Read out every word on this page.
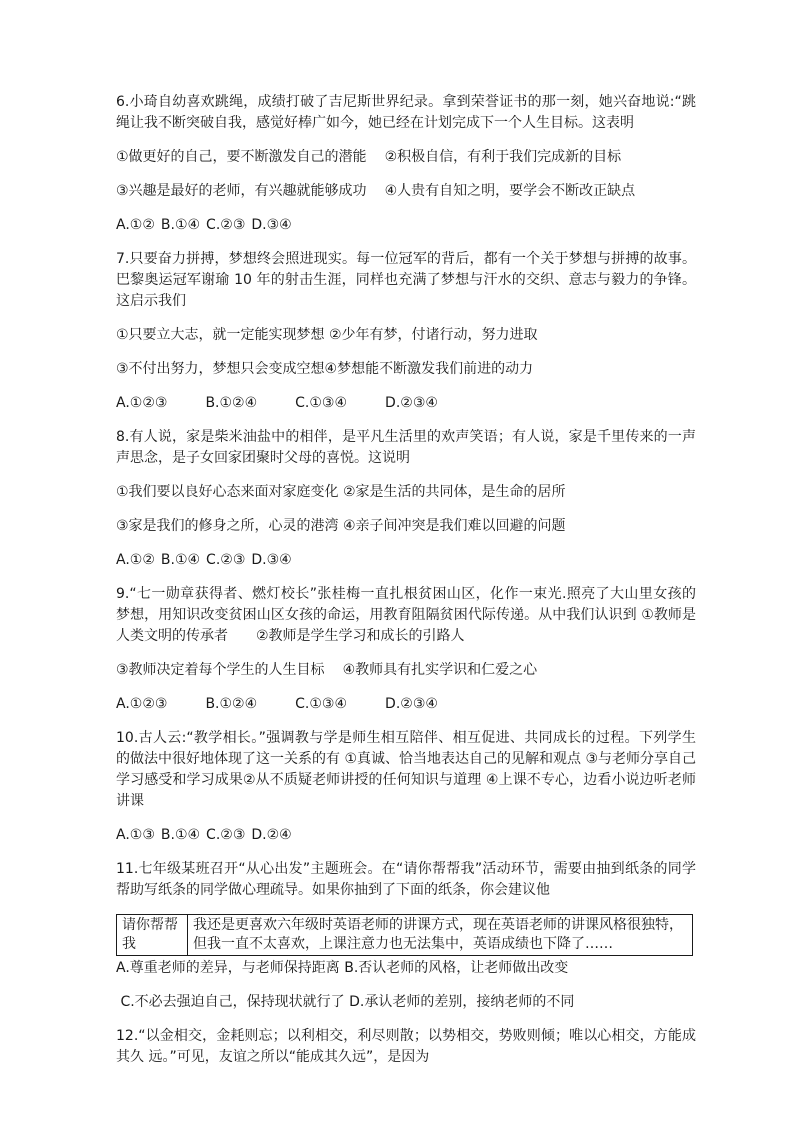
6.小琦自幼喜欢跳绳，成绩打破了吉尼斯世界纪录。拿到荣誉证书的那一刻，她兴奋地说:“跳 绳让我不断突破自我，感觉好棒广如今，她已经在计划完成下一个人生目标。这表明

①做更好的自己，要不断激发自己的潜能 ②积极自信，有利于我们完成新的目标

③兴趣是最好的老师，有兴趣就能够成功 ④人贵有自知之明，要学会不断改正缺点

A.①② B.①④ C.②③ D.③④

7.只要奋力拼搏，梦想终会照进现实。每一位冠军的背后，都有一个关于梦想与拼搏的故事。 巴黎奥运冠军谢瑜 10 年的射击生涯，同样也充满了梦想与汗水的交织、意志与毅力的争锋。 这启示我们

①只要立大志，就一定能实现梦想 ②少年有梦，付诸行动，努力进取

③不付出努力，梦想只会变成空想④梦想能不断激发我们前进的动力

A.①②③	B.①②④	C.①③④	D.②③④

8.有人说，家是柴米油盐中的相伴，是平凡生活里的欢声笑语；有人说，家是千里传来的一声声思念，是子女回家团聚时父母的喜悦。这说明

①我们要以良好心态来面对家庭变化 ②家是生活的共同体，是生命的居所

③家是我们的修身之所，心灵的港湾 ④亲子间冲突是我们难以回避的问题

A.①② B.①④ C.②③ D.③④

9.“七一勋章获得者、燃灯校长”张桂梅一直扎根贫困山区，化作一束光.照亮了大山里女孩的 梦想，用知识改变贫困山区女孩的命运，用教育阻隔贫困代际传递。从中我们认识到 ①教师是人类文明的传承者　　②教师是学生学习和成长的引路人

③教师决定着每个学生的人生目标 ④教师具有扎实学识和仁爱之心

A.①②③	B.①②④	C.①③④	D.②③④

10.古人云:“教学相长。”强调教与学是师生相互陪伴、相互促进、共同成长的过程。下列学生的做法中很好地体现了这一关系的有 ①真诚、恰当地表达自己的见解和观点 ③与老师分享自己学习感受和学习成果②从不质疑老师讲授的任何知识与道理 ④上课不专心，边看小说边听老师讲课

A.①③ B.①④ C.②③ D.②④

11.七年级某班召开“从心出发”主题班会。在“请你帮帮我”活动环节，需要由抽到纸条的同学 帮助写纸条的同学做心理疏导。如果你抽到了下面的纸条，你会建议他

请你帮帮我	我还是更喜欢六年级时英语老师的讲课方式，现在英语老师的讲课风格很独特，但我一直不太喜欢，上课注意力也无法集中，英语成绩也下降了……

A.尊重老师的差异，与老师保持距离 B.否认老师的风格，让老师做出改变

C.不必去强迫自己，保持现状就行了 D.承认老师的差别，接纳老师的不同

12.“以金相交，金耗则忘；以利相交，利尽则散；以势相交，势败则倾；唯以心相交，方能成其久 远。”可见，友谊之所以“能成其久远”，是因为
